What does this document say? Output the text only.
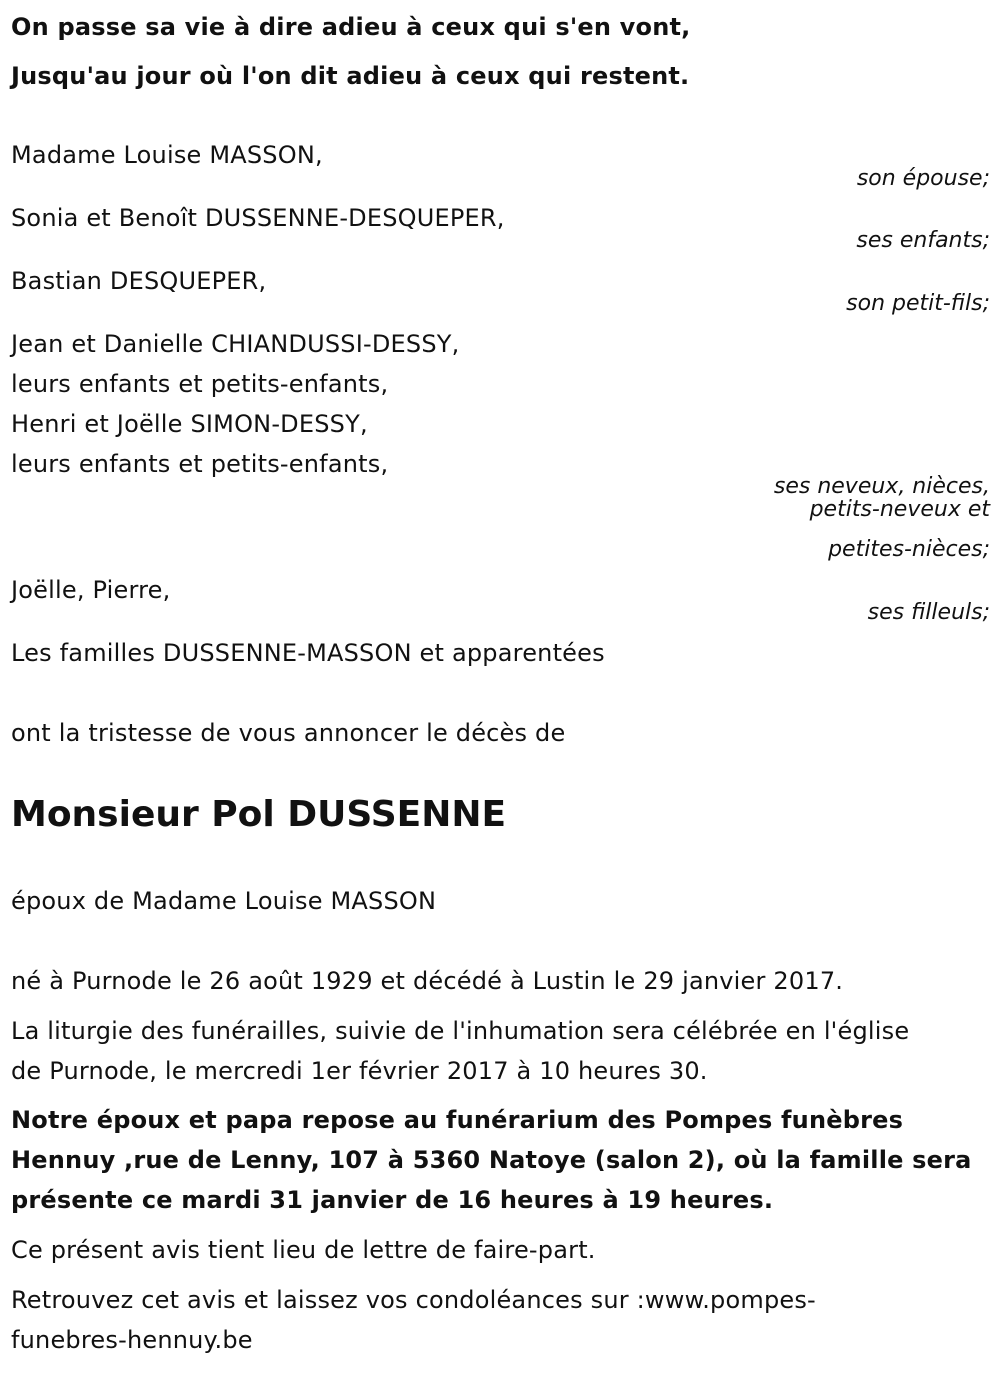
On passe sa vie à dire adieu à ceux qui s'en vont,
Jusqu'au jour où l'on dit adieu à ceux qui restent.
Madame Louise MASSON,
son épouse;
Sonia et Benoît DUSSENNE-DESQUEPER,
ses enfants;
Bastian DESQUEPER,
son petit-fils;
Jean et Danielle CHIANDUSSI-DESSY,
leurs enfants et petits-enfants,
Henri et Joëlle SIMON-DESSY,
leurs enfants et petits-enfants,
ses neveux, nièces,
petits-neveux et
petites-nièces;
Joëlle, Pierre,
ses filleuls;
Les familles DUSSENNE-MASSON et apparentées
ont la tristesse de vous annoncer le décès de
Monsieur Pol DUSSENNE
époux de Madame Louise MASSON
né à Purnode le 26 août 1929 et décédé à Lustin le 29 janvier 2017.
La liturgie des funérailles, suivie de l'inhumation sera célébrée en l'église
de Purnode, le mercredi 1er février 2017 à 10 heures 30.
Notre époux et papa repose au funérarium des Pompes funèbres
Hennuy ,rue de Lenny, 107 à 5360 Natoye (salon 2), où la famille sera
présente ce mardi 31 janvier de 16 heures à 19 heures.
Ce présent avis tient lieu de lettre de faire-part.
Retrouvez cet avis et laissez vos condoléances sur :www.pompes-
funebres-hennuy.be
